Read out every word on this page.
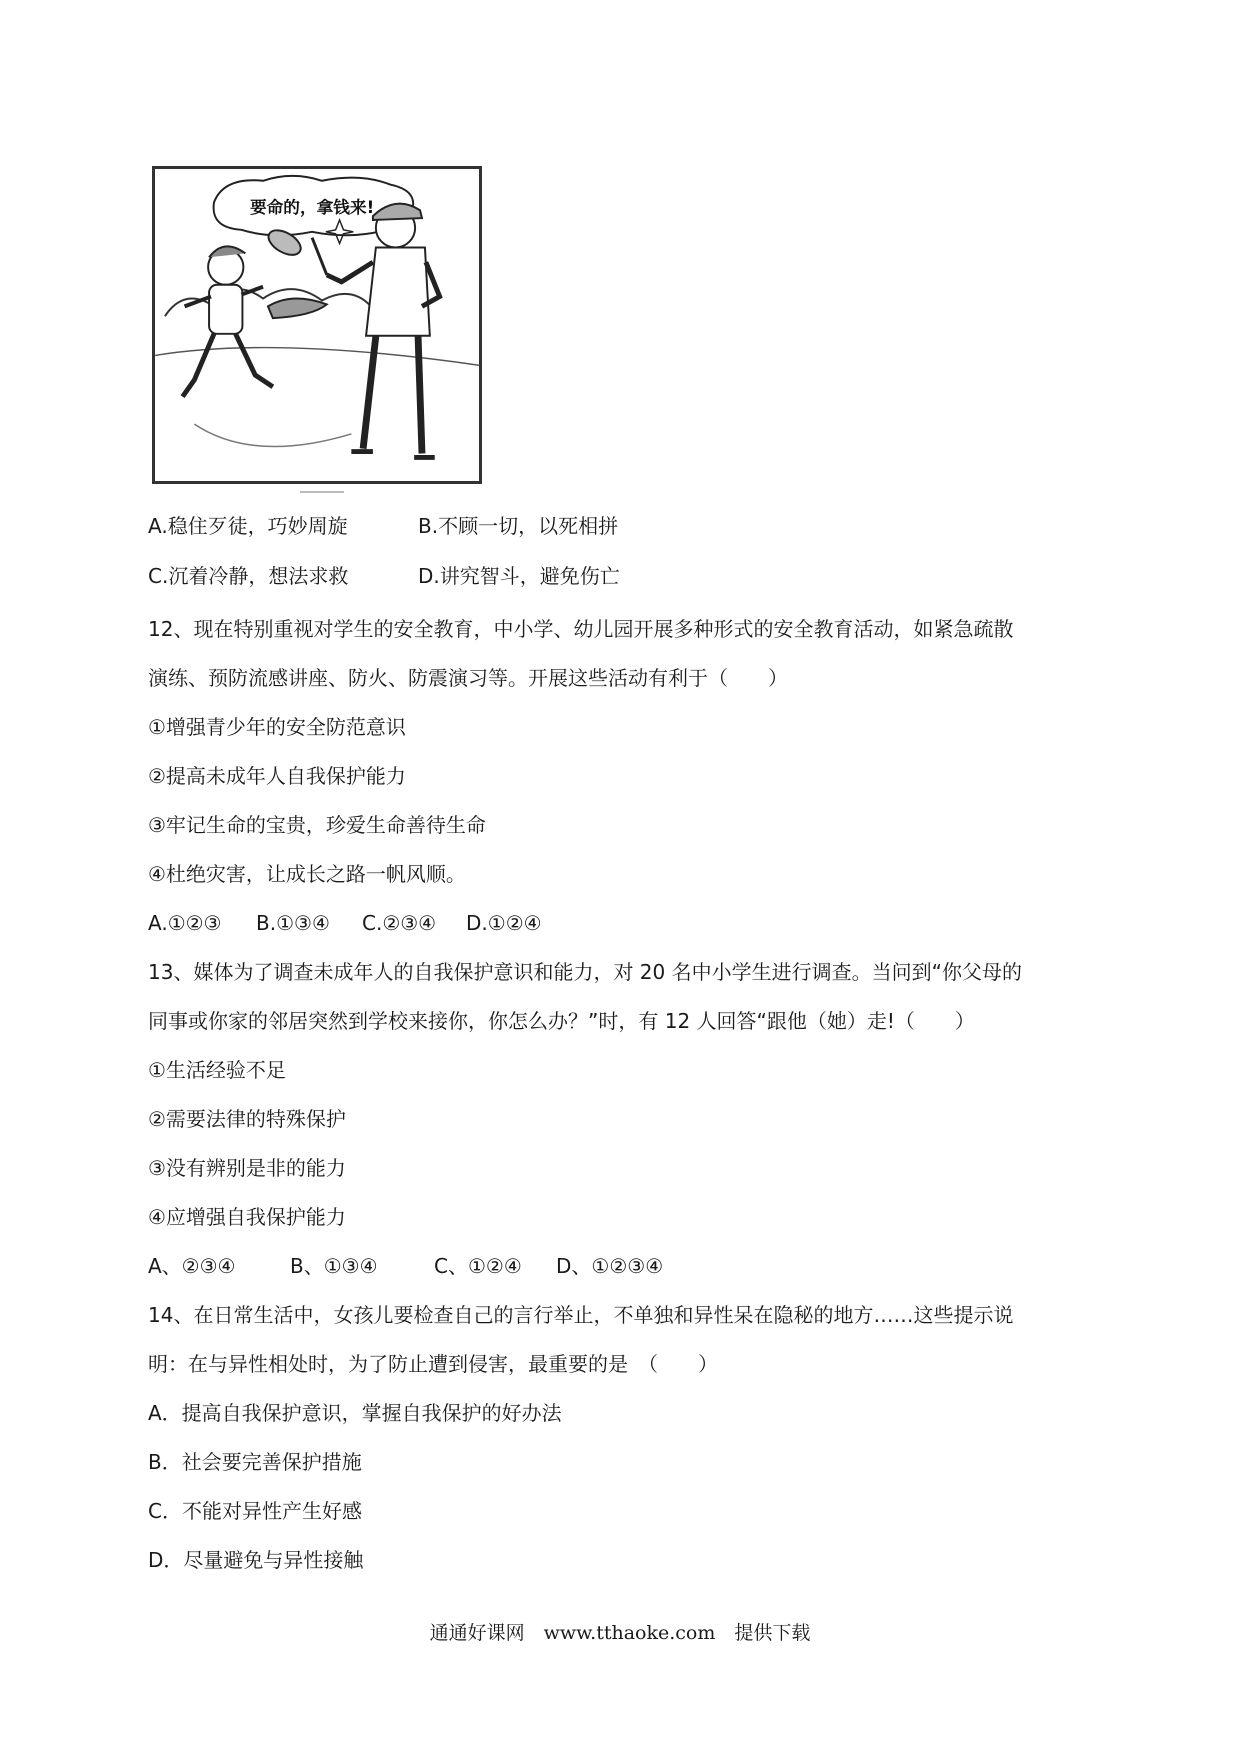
要命的，拿钱来!
A.稳住歹徒，巧妙周旋	B.不顾一切，以死相拼
C.沉着冷静，想法求救	D.讲究智斗，避免伤亡

12、现在特别重视对学生的安全教育，中小学、幼儿园开展多种形式的安全教育活动，如紧急疏散

演练、预防流感讲座、防火、防震演习等。开展这些活动有利于（　　）

①增强青少年的安全防范意识

②提高未成年人自我保护能力

③牢记生命的宝贵，珍爱生命善待生命

④杜绝灾害，让成长之路一帆风顺。

A.①②③ B.①③④ C.②③④ D.①②④

13、媒体为了调查未成年人的自我保护意识和能力，对 20 名中小学生进行调查。当问到“你父母的

同事或你家的邻居突然到学校来接你，你怎么办？”时，有 12 人回答“跟他（她）走!（　　）

①生活经验不足

②需要法律的特殊保护

③没有辨别是非的能力

④应增强自我保护能力

A、②③④	B、①③④	C、①②④ D、①②③④

14、在日常生活中，女孩儿要检查自己的言行举止，不单独和异性呆在隐秘的地方……这些提示说

明：在与异性相处时，为了防止遭到侵害，最重要的是　（　　）

A．提高自我保护意识，掌握自我保护的好办法

B．社会要完善保护措施

C．不能对异性产生好感

D．尽量避免与异性接触

通通好课网　www.tthaoke.com　提供下载
